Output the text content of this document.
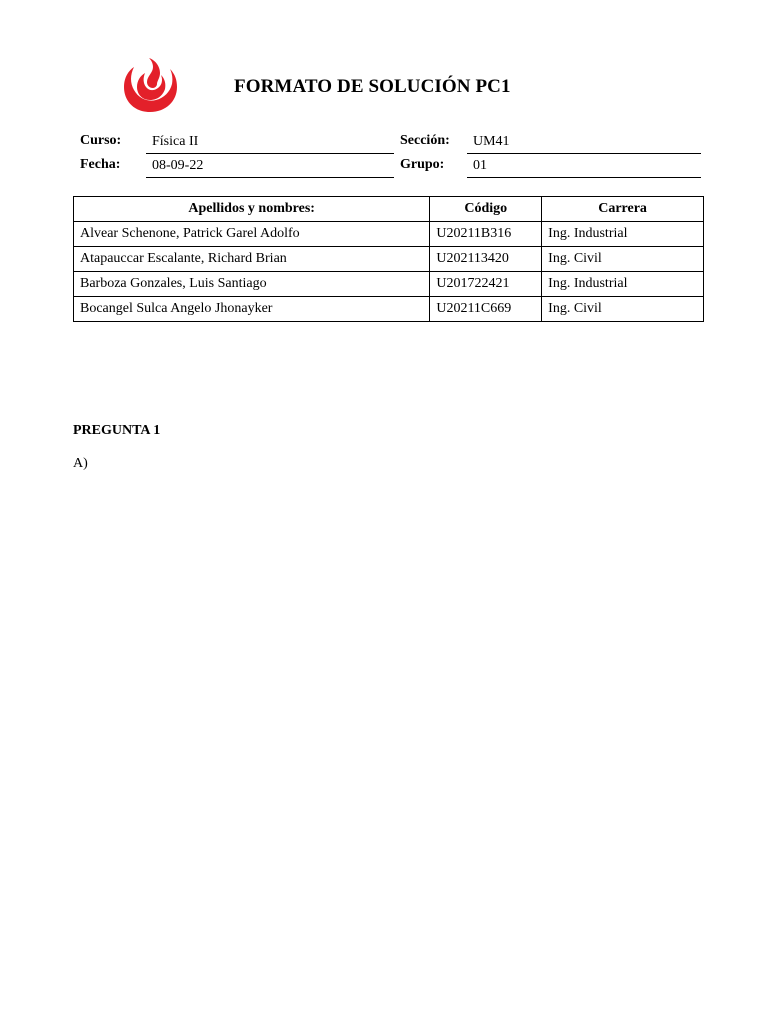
FORMATO DE SOLUCIÓN PC1
Curso:	Física II	Sección:	UM41
Fecha:	08-09-22	Grupo:	01
Apellidos y nombres:	Código	Carrera
Alvear Schenone, Patrick Garel Adolfo	U20211B316	Ing. Industrial
Atapauccar Escalante, Richard Brian	U202113420	Ing. Civil
Barboza Gonzales, Luis Santiago	U201722421	Ing. Industrial
Bocangel Sulca Angelo Jhonayker	U20211C669	Ing. Civil
PREGUNTA 1
A)
